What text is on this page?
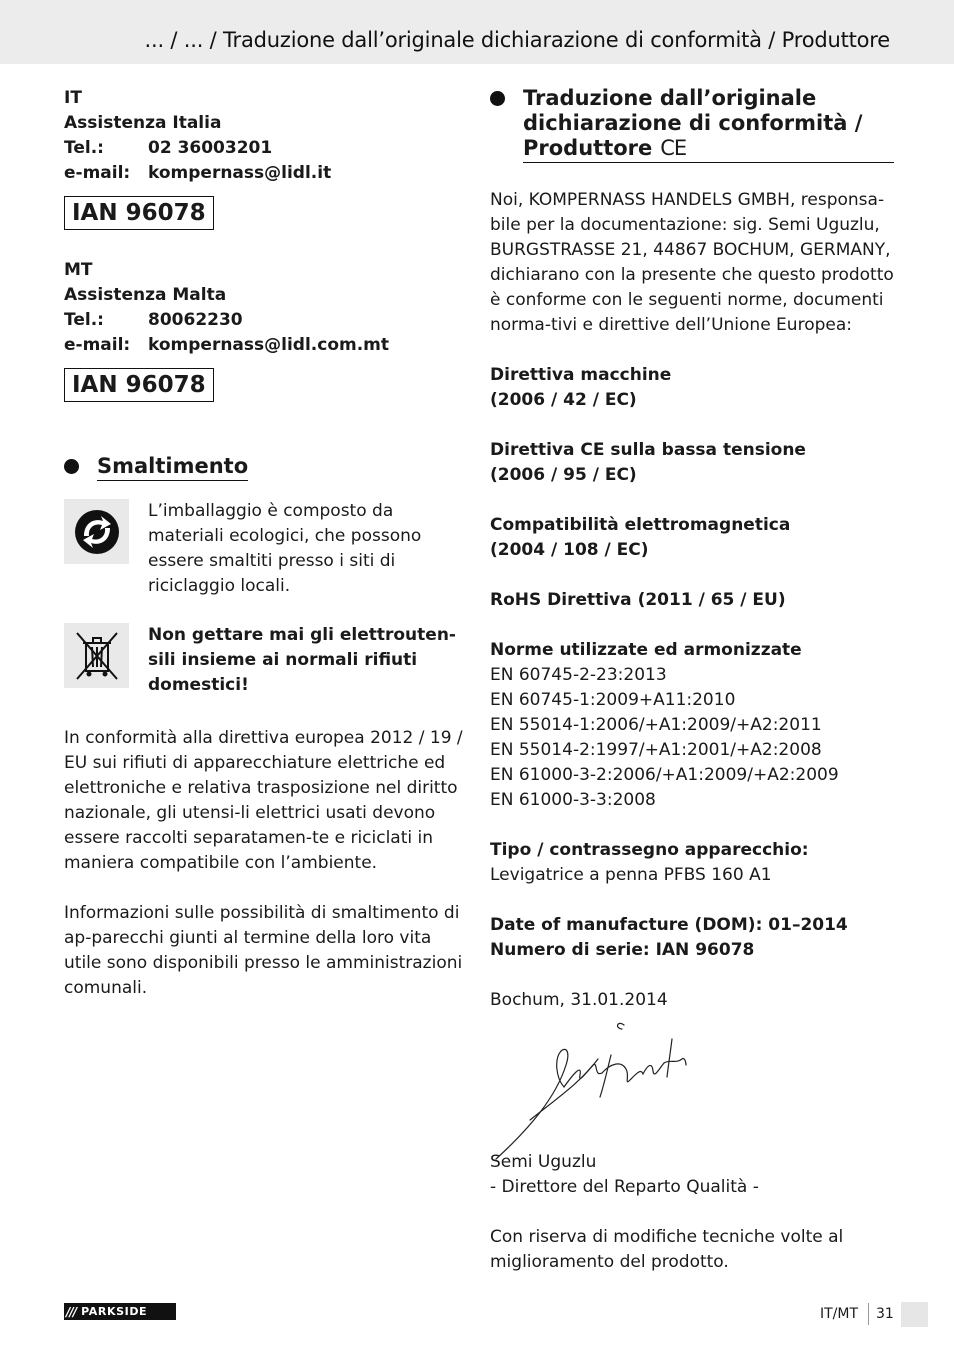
... / ... / Traduzione dall’originale dichiarazione di conformità / Produttore
IT
Assistenza Italia
Tel.:	02 36003201
e-mail:	kompernass@lidl.it
IAN 96078
MT
Assistenza Malta
Tel.:	80062230
e-mail:	kompernass@lidl.com.mt
IAN 96078
Smaltimento
L’imballaggio è composto da materiali ecologici, che possono essere smaltiti presso i siti di riciclaggio locali.
Non gettare mai gli elettrouten-sili insieme ai normali rifiuti domestici!
In conformità alla direttiva europea 2012 / 19 / EU sui rifiuti di apparecchiature elettriche ed elettroniche e relativa trasposizione nel diritto nazionale, gli utensi-li elettrici usati devono essere raccolti separatamen-te e riciclati in maniera compatibile con l’ambiente.
Informazioni sulle possibilità di smaltimento di ap-parecchi giunti al termine della loro vita utile sono disponibili presso le amministrazioni comunali.
Traduzione dall’originale dichiarazione di conformità / Produttore CE
Noi, KOMPERNASS HANDELS GMBH, responsa-bile per la documentazione: sig. Semi Uguzlu, BURGSTRASSE 21, 44867 BOCHUM, GERMANY, dichiarano con la presente che questo prodotto è conforme con le seguenti norme, documenti norma-tivi e direttive dell’Unione Europea:
Direttiva macchine
(2006 / 42 / EC)
Direttiva CE sulla bassa tensione
(2006 / 95 / EC)
Compatibilità elettromagnetica
(2004 / 108 / EC)
RoHS Direttiva (2011 / 65 / EU)
Norme utilizzate ed armonizzate
EN 60745-2-23:2013
EN 60745-1:2009+A11:2010
EN 55014-1:2006/+A1:2009/+A2:2011
EN 55014-2:1997/+A1:2001/+A2:2008
EN 61000-3-2:2006/+A1:2009/+A2:2009
EN 61000-3-3:2008
Tipo / contrassegno apparecchio:
Levigatrice a penna PFBS 160 A1
Date of manufacture (DOM): 01–2014
Numero di serie: IAN 96078
Bochum, 31.01.2014
Semi Uguzlu
- Direttore del Reparto Qualità -
Con riserva di modifiche tecniche volte al miglioramento del prodotto.
/// PARKSIDE	IT/MT 31
